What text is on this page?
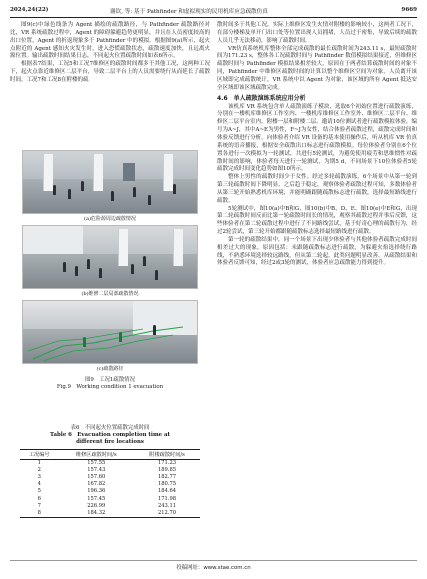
2024,24(22)	谢钦, 等: 基于 Pathfinder 和虚拟现实的民用机库应急疏散仿真	9669

图9(c)中绿色线条为 Agent 描绘的疏散路径，与 Pathfinder 疏散路径对比，VR 系统疏散过程中，Agent 的障碍躲避趋势更明显，并且在人员密度较高的出口位置，Agent 的折返现象多于 Pathfinder 中的模拟。根据图9(a)所示，起火点附近的 Agent 感知火灾发生时，进入恐慌疏散状态，疏散速度加快，且远离火源位置。输出疏散时间结果日志，不同起火位置疏散时间如表6所示。

根据表7结果，工况5和工况7维修区的疏散时间都多于其他工况，这两种工况下，起火点靠近维修区二层平台，导致二层平台上的人员需要绕行从而延长了疏散时间。工况7和工况8在附楼的疏

(a)危险源周边疏散情况
(b)维修二层局部疏散情况
(c)疏散路径
图9　工况1疏散情况
Fig.9　Working condition 1 evacuation
表6　不同起火位置疏散完成时间
Table 6　Evacuation completion time at
different fire locations
工况编号	维修区疏散时间/s	附楼疏散时间/s
1	157.55	171.23
2	157.43	189.85
3	157.60	182.77
4	167.82	180.75
5	196.36	184.64
6	157.45	171.98
7	226.99	243.11
8	184.32	212.70

散时间多于其他工况，实际上维修区发生火情对附楼的影响较小，这两者工况下，在部分楼梯及单开门出口处等位置出现人员拥堵，人员过于密集，导致后续的疏散人员几乎无法移动，影响了疏散时间。

VR仿真系统机库整体全部完成疏散的最长疏散时间为243.11 s，最短疏散时间为171.23 s，整体各工况疏散时间与 Pathfinder 数值模拟结果接近，但维修区疏散时间与 Pathfinder 模拟结果相差较大，原因在于两者结算疏散时间的对象不同，Pathfinder 中维修区疏散时间的计算以整个维修区空间为对象，人员离开该区域即完成疏散统计，VR 系统中以 Agent 为对象，该区域的所有 Agent 抵达安全区域即该区域疏散完成。

4.6　单人疏散演练系统应用分析

该机库 VR 系统包含单人疏散演练子模块，选取6个初始位置进行疏散演练，分别在一楼机库维修区工作室内、一楼机库维修区工作室外、维修区二层平台、维修区二层平台室内、附楼一层和附楼二层。邀请10位测试者进行疏散模拟体验，编号为A~J，其中A~E为男性，F~J为女性，结合体验者疏散过程，疏散完成时间和体验反馈进行分析，向体验者介绍 VR 设备的基本使用操作后，听从机库 VR 仿真系统的语音播报，根据安全疏散出口标志进行疏散模拟。每位体验者分别在6个位置各进行一次模拟为一轮测试，共进行5轮测试，为避免使用疲劳和思维惯性对疏散时间的影响，体验者每天进行一轮测试，为期5 d，不同场景下10位体验者5轮疏散完成时间变化趋势如图10所示。

整体上男性的疏散时间少于女性。经过多轮疏散演练，6个场景中从第一轮到第三轮疏散时间下降明显，之后趋于稳定，观察体验者疏散过程可知，多数体验者从第三轮开始熟悉机库环境，并能明确跟随疏散标志进行疏散，选择最短路线进行疏散。

5轮测试中，图10(a)中B和G、图10(b)中B、D、E、图10(e)中E和G，出现第二轮疏散时间反而比第一轮疏散时间长的情况，观察其疏散过程并事后反馈，这些体验者在第二轮疏散过程中进行了不同路线尝试，基于好奇心理的疏散行为，经过2轮尝试，第三轮开始都跟随疏散标志选择最短路线进行疏散。

第一轮的疏散结果中，同一个场景下出现少体验者与其他体验者疏散完成时间相差过大的现象，原因包括：未跟随疏散标志进行疏散，为躲避火焰选择绕行路线，不熟悉环境选择较远路线，但从第二轮起，此类问题明显改善。从疏散结果和体验者反馈可知，经过2或3轮的测试，体验者应急疏散能力得到提升。

投稿网址：www.stae.com.cn
